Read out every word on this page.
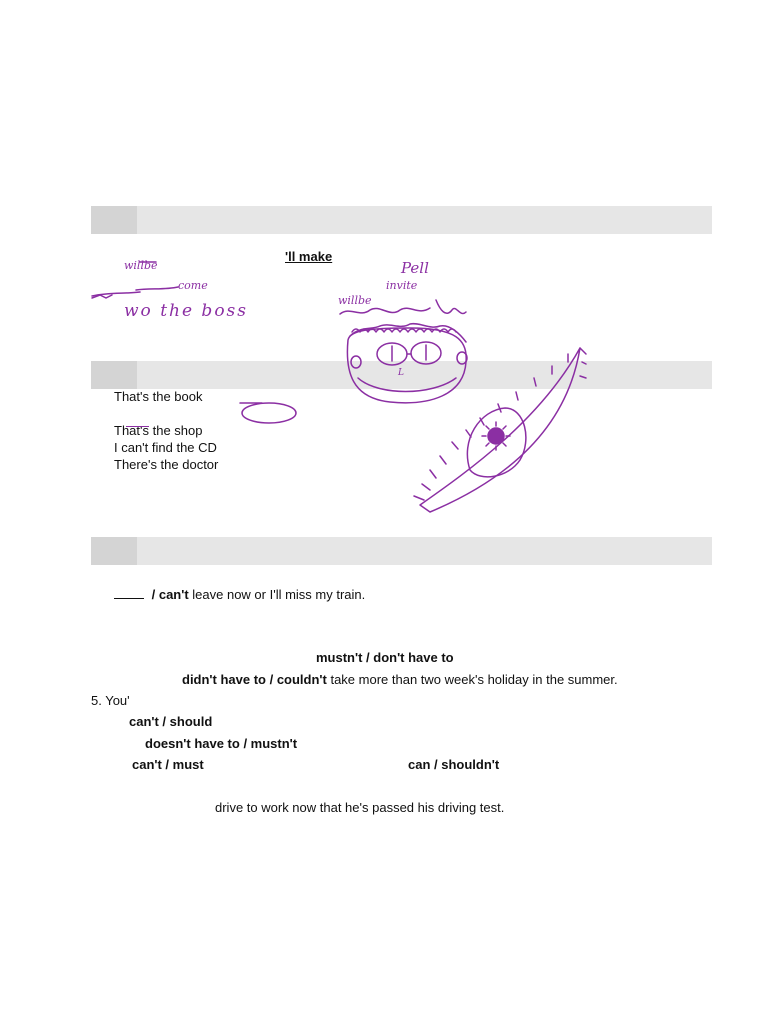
'll make
That's the book
That's the shop
I can't find the CD
There's the doctor
/ can't leave now or I'll miss my train.
mustn't / don't have to
didn't have to / couldn't take more than two week's holiday in the summer.
5. You'
can't / should
doesn't have to / mustn't
can't / must	can / shouldn't
drive to work now that he's passed his driving test.
willbe
come
wo the boss
Pell
invite
willbe
L
